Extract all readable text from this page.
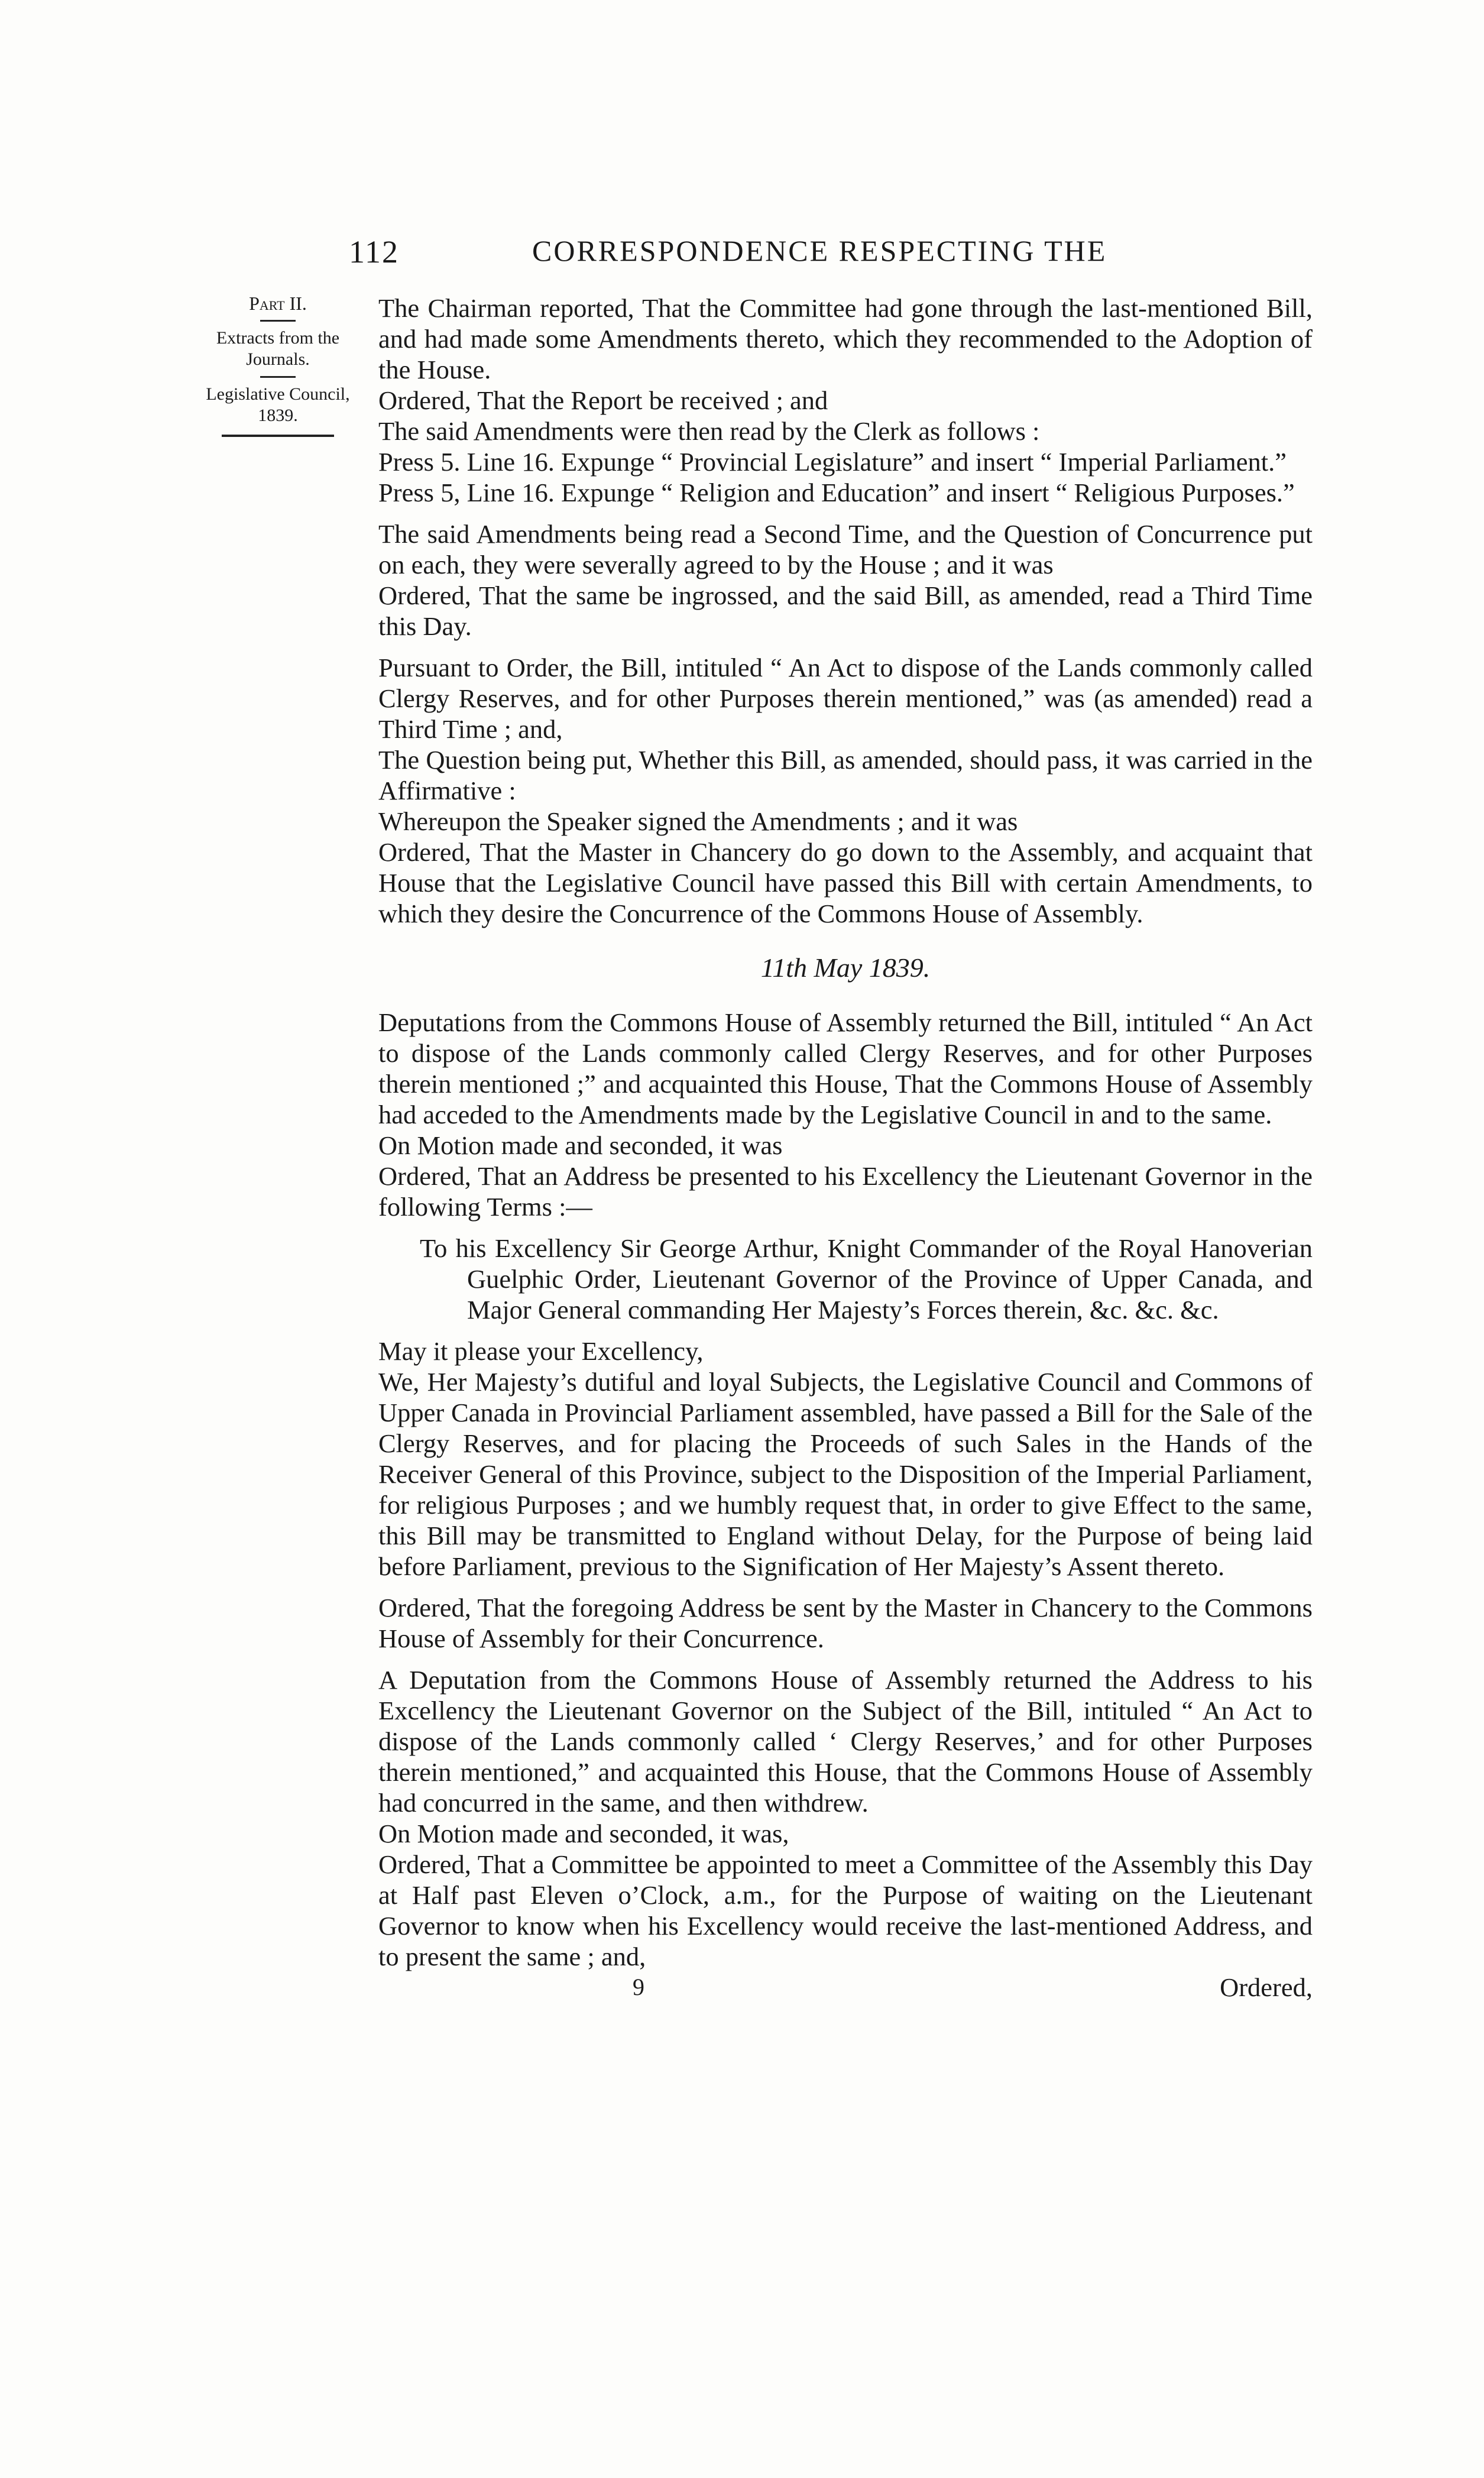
112	CORRESPONDENCE RESPECTING THE
Part II.
Extracts from the Journals.
Legislative Council,
1839.

The Chairman reported, That the Committee had gone through the last-mentioned Bill, and had made some Amendments thereto, which they recommended to the Adoption of the House.

Ordered, That the Report be received ; and

The said Amendments were then read by the Clerk as follows :

Press 5. Line 16. Expunge “ Provincial Legislature” and insert “ Imperial Parliament.”

Press 5, Line 16. Expunge “ Religion and Education” and insert “ Religious Purposes.”

The said Amendments being read a Second Time, and the Question of Concurrence put on each, they were severally agreed to by the House ; and it was

Ordered, That the same be ingrossed, and the said Bill, as amended, read a Third Time this Day.

Pursuant to Order, the Bill, intituled “ An Act to dispose of the Lands commonly called Clergy Reserves, and for other Purposes therein mentioned,” was (as amended) read a Third Time ; and,

The Question being put, Whether this Bill, as amended, should pass, it was carried in the Affirmative :

Whereupon the Speaker signed the Amendments ; and it was

Ordered, That the Master in Chancery do go down to the Assembly, and acquaint that House that the Legislative Council have passed this Bill with certain Amendments, to which they desire the Concurrence of the Commons House of Assembly.

11th May 1839.

Deputations from the Commons House of Assembly returned the Bill, intituled “ An Act to dispose of the Lands commonly called Clergy Reserves, and for other Purposes therein mentioned ;” and acquainted this House, That the Commons House of Assembly had acceded to the Amendments made by the Legislative Council in and to the same.

On Motion made and seconded, it was

Ordered, That an Address be presented to his Excellency the Lieutenant Governor in the following Terms :—

To his Excellency Sir George Arthur, Knight Commander of the Royal Hanoverian Guelphic Order, Lieutenant Governor of the Province of Upper Canada, and Major General commanding Her Majesty’s Forces therein, &c. &c. &c.

May it please your Excellency,

We, Her Majesty’s dutiful and loyal Subjects, the Legislative Council and Commons of Upper Canada in Provincial Parliament assembled, have passed a Bill for the Sale of the Clergy Reserves, and for placing the Proceeds of such Sales in the Hands of the Receiver General of this Province, subject to the Disposition of the Imperial Parliament, for religious Purposes ; and we humbly request that, in order to give Effect to the same, this Bill may be transmitted to England without Delay, for the Purpose of being laid before Parliament, previous to the Signification of Her Majesty’s Assent thereto.

Ordered, That the foregoing Address be sent by the Master in Chancery to the Commons House of Assembly for their Concurrence.

A Deputation from the Commons House of Assembly returned the Address to his Excellency the Lieutenant Governor on the Subject of the Bill, intituled “ An Act to dispose of the Lands commonly called ‘ Clergy Reserves,’ and for other Purposes therein mentioned,” and acquainted this House, that the Commons House of Assembly had concurred in the same, and then withdrew.

On Motion made and seconded, it was,

Ordered, That a Committee be appointed to meet a Committee of the Assembly this Day at Half past Eleven o’Clock, a.m., for the Purpose of waiting on the Lieutenant Governor to know when his Excellency would receive the last-mentioned Address, and to present the same ; and,

9	Ordered,
